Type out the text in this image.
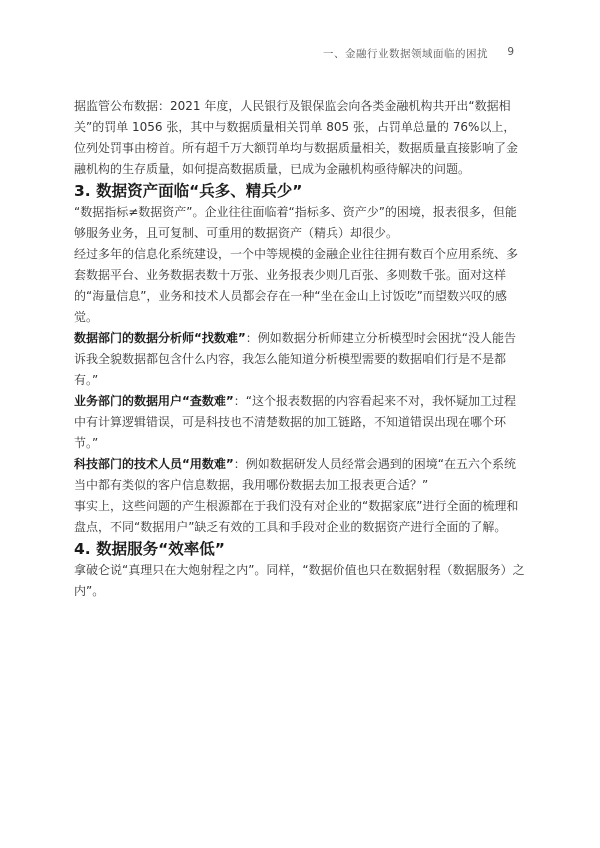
一、金融行业数据领域面临的困扰 9

据监管公布数据：2021 年度，人民银行及银保监会向各类金融机构共开出“数据相关”的罚单 1056 张，其中与数据质量相关罚单 805 张，占罚单总量的 76%以上，位列处罚事由榜首。所有超千万大额罚单均与数据质量相关，数据质量直接影响了金融机构的生存质量，如何提高数据质量，已成为金融机构亟待解决的问题。

3. 数据资产面临“兵多、精兵少”

“数据指标≠数据资产”。企业往往面临着“指标多、资产少”的困境，报表很多，但能够服务业务，且可复制、可重用的数据资产（精兵）却很少。

经过多年的信息化系统建设，一个中等规模的金融企业往往拥有数百个应用系统、多套数据平台、业务数据表数十万张、业务报表少则几百张、多则数千张。面对这样的“海量信息”，业务和技术人员都会存在一种“坐在金山上讨饭吃”而望数兴叹的感觉。

数据部门的数据分析师“找数难”：例如数据分析师建立分析模型时会困扰“没人能告诉我全貌数据都包含什么内容，我怎么能知道分析模型需要的数据咱们行是不是都有。”

业务部门的数据用户“查数难”：“这个报表数据的内容看起来不对，我怀疑加工过程中有计算逻辑错误，可是科技也不清楚数据的加工链路，不知道错误出现在哪个环节。”

科技部门的技术人员“用数难”：例如数据研发人员经常会遇到的困境“在五六个系统当中都有类似的客户信息数据，我用哪份数据去加工报表更合适？”

事实上，这些问题的产生根源都在于我们没有对企业的“数据家底”进行全面的梳理和盘点，不同“数据用户”缺乏有效的工具和手段对企业的数据资产进行全面的了解。

4. 数据服务“效率低”

拿破仑说“真理只在大炮射程之内”。同样，“数据价值也只在数据射程（数据服务）之内”。
